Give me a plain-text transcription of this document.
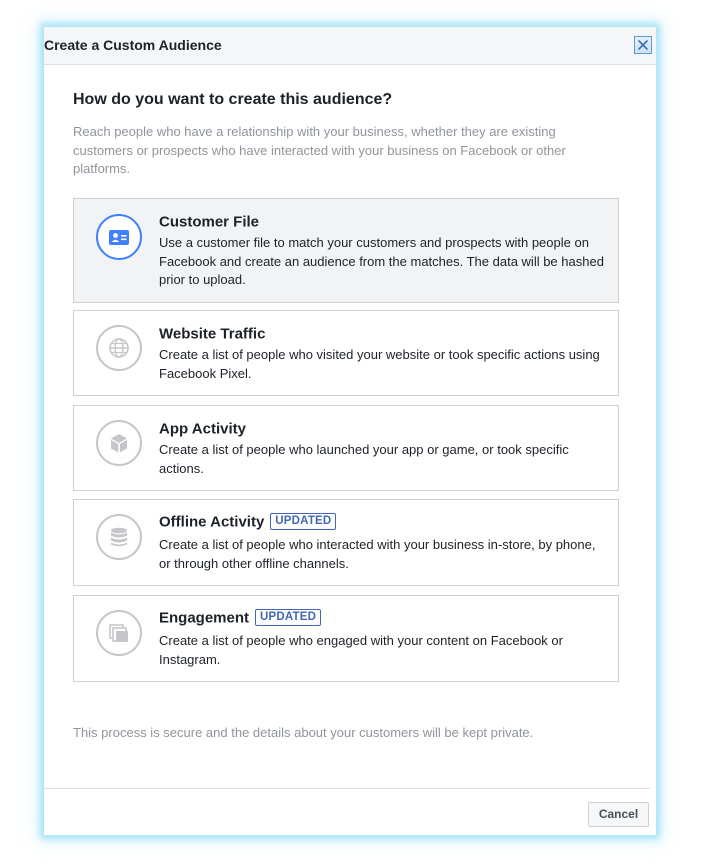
Create a Custom Audience
How do you want to create this audience?
Reach people who have a relationship with your business, whether they are existing customers or prospects who have interacted with your business on Facebook or other platforms.
Customer File
Use a customer file to match your customers and prospects with people on Facebook and create an audience from the matches. The data will be hashed prior to upload.
Website Traffic
Create a list of people who visited your website or took specific actions using Facebook Pixel.
App Activity
Create a list of people who launched your app or game, or took specific actions.
Offline Activity UPDATED
Create a list of people who interacted with your business in-store, by phone, or through other offline channels.
Engagement UPDATED
Create a list of people who engaged with your content on Facebook or Instagram.
This process is secure and the details about your customers will be kept private.
Cancel
